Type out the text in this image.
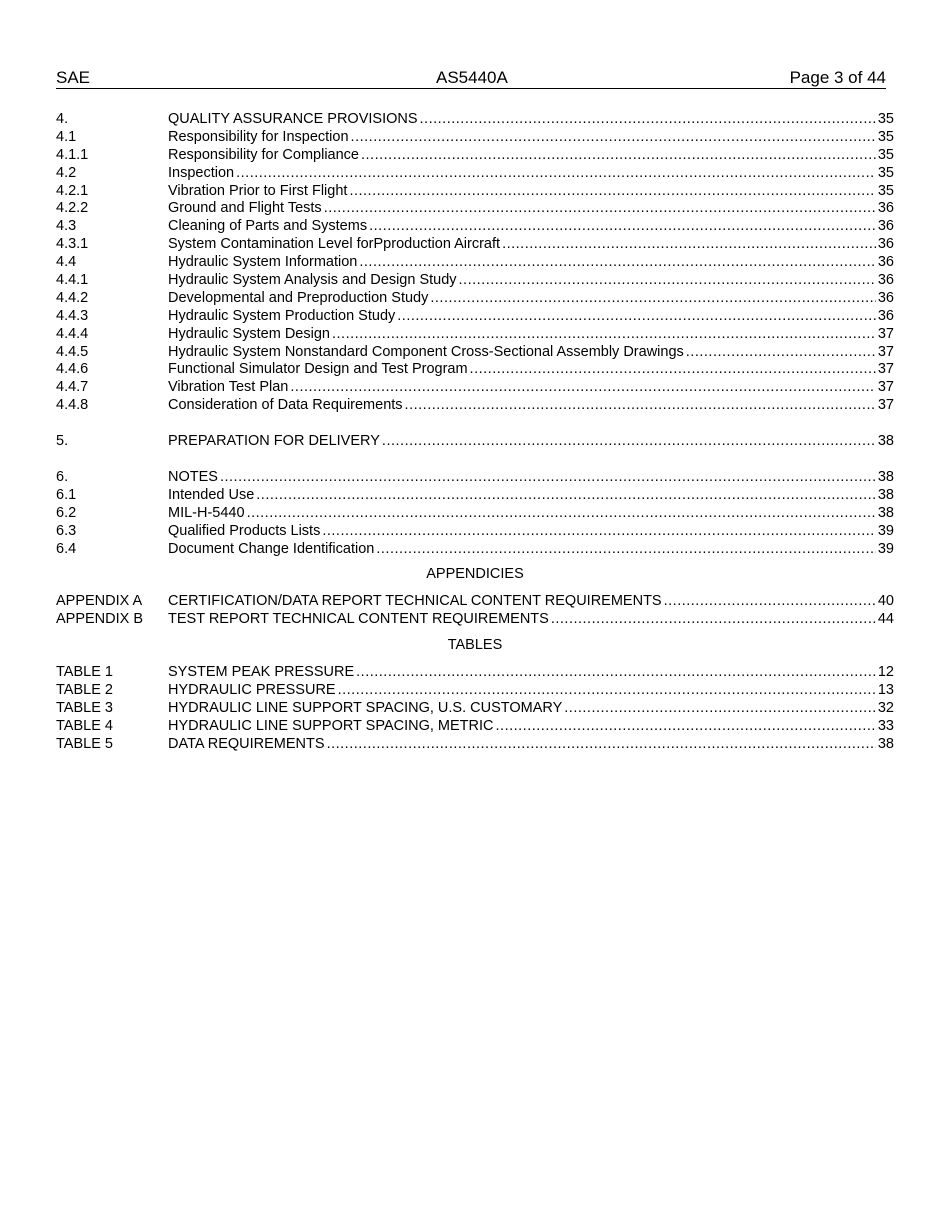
SAE	AS5440A	Page 3 of 44
4.	QUALITY ASSURANCE PROVISIONS .....	35
4.1	Responsibility for Inspection .....	35
4.1.1	Responsibility for Compliance .....	35
4.2	Inspection .....	35
4.2.1	Vibration Prior to First Flight .....	35
4.2.2	Ground and Flight Tests .....	36
4.3	Cleaning of Parts and Systems .....	36
4.3.1	System Contamination Level forPproduction Aircraft .....	36
4.4	Hydraulic System Information .....	36
4.4.1	Hydraulic System Analysis and Design Study .....	36
4.4.2	Developmental and Preproduction Study .....	36
4.4.3	Hydraulic System Production Study .....	36
4.4.4	Hydraulic System Design .....	37
4.4.5	Hydraulic System Nonstandard Component Cross-Sectional Assembly Drawings .....	37
4.4.6	Functional Simulator Design and Test Program .....	37
4.4.7	Vibration Test Plan .....	37
4.4.8	Consideration of Data Requirements .....	37
5.	PREPARATION FOR DELIVERY .....	38
6.	NOTES .....	38
6.1	Intended Use .....	38
6.2	MIL-H-5440 .....	38
6.3	Qualified Products Lists .....	39
6.4	Document Change Identification .....	39
APPENDICIES
APPENDIX A	CERTIFICATION/DATA REPORT TECHNICAL CONTENT REQUIREMENTS .....	40
APPENDIX B	TEST REPORT TECHNICAL CONTENT REQUIREMENTS .....	44
TABLES
TABLE 1	SYSTEM PEAK PRESSURE .....	12
TABLE 2	HYDRAULIC PRESSURE .....	13
TABLE 3	HYDRAULIC LINE SUPPORT SPACING, U.S. CUSTOMARY .....	32
TABLE 4	HYDRAULIC LINE SUPPORT SPACING, METRIC .....	33
TABLE 5	DATA REQUIREMENTS .....	38
